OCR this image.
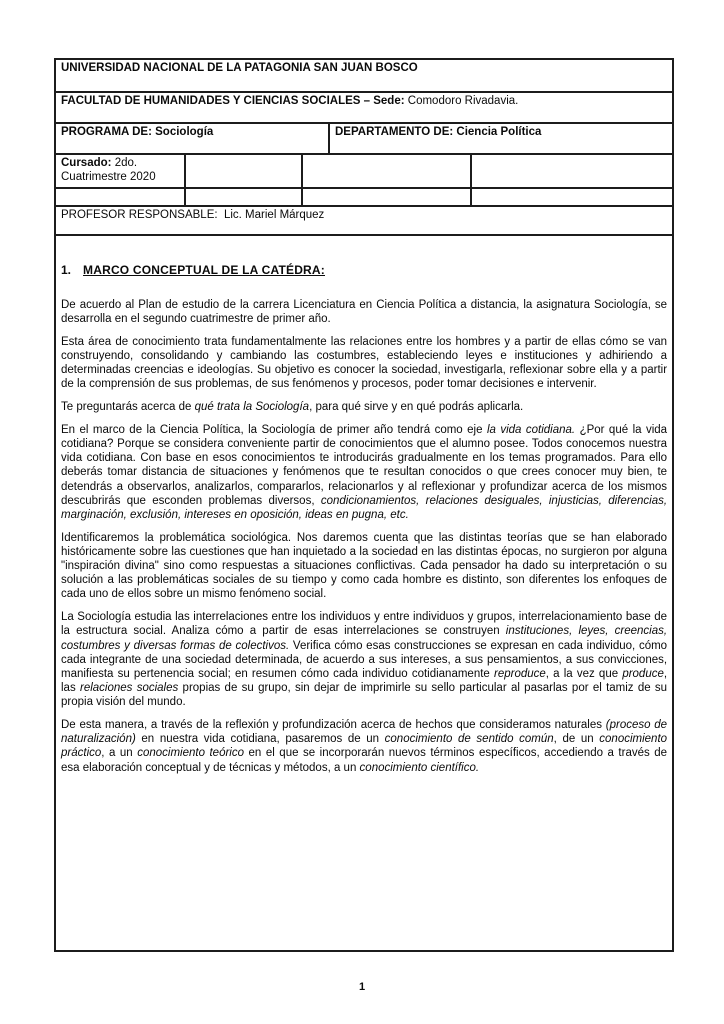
UNIVERSIDAD NACIONAL DE LA PATAGONIA SAN JUAN BOSCO				
FACULTAD DE HUMANIDADES Y CIENCIAS SOCIALES – Sede: Comodoro Rivadavia.				
PROGRAMA DE: Sociología			DEPARTAMENTO DE: Ciencia Política	
Cursado: 2do. Cuatrimestre 2020				

PROFESOR RESPONSABLE: Lic. Mariel Márquez				

1. MARCO CONCEPTUAL DE LA CATÉDRA:

De acuerdo al Plan de estudio de la carrera Licenciatura en Ciencia Política a distancia, la asignatura Sociología, se desarrolla en el segundo cuatrimestre de primer año.

Esta área de conocimiento trata fundamentalmente las relaciones entre los hombres y a partir de ellas cómo se van construyendo, consolidando y cambiando las costumbres, estableciendo leyes e instituciones y adhiriendo a determinadas creencias e ideologías. Su objetivo es conocer la sociedad, investigarla, reflexionar sobre ella y a partir de la comprensión de sus problemas, de sus fenómenos y procesos, poder tomar decisiones e intervenir.

Te preguntarás acerca de qué trata la Sociología, para qué sirve y en qué podrás aplicarla.

En el marco de la Ciencia Política, la Sociología de primer año tendrá como eje la vida cotidiana. ¿Por qué la vida cotidiana? Porque se considera conveniente partir de conocimientos que el alumno posee. Todos conocemos nuestra vida cotidiana. Con base en esos conocimientos te introducirás gradualmente en los temas programados. Para ello deberás tomar distancia de situaciones y fenómenos que te resultan conocidos o que crees conocer muy bien, te detendrás a observarlos, analizarlos, compararlos, relacionarlos y al reflexionar y profundizar acerca de los mismos descubrirás que esconden problemas diversos, condicionamientos, relaciones desiguales, injusticias, diferencias, marginación, exclusión, intereses en oposición, ideas en pugna, etc.

Identificaremos la problemática sociológica. Nos daremos cuenta que las distintas teorías que se han elaborado históricamente sobre las cuestiones que han inquietado a la sociedad en las distintas épocas, no surgieron por alguna "inspiración divina" sino como respuestas a situaciones conflictivas. Cada pensador ha dado su interpretación o su solución a las problemáticas sociales de su tiempo y como cada hombre es distinto, son diferentes los enfoques de cada uno de ellos sobre un mismo fenómeno social.

La Sociología estudia las interrelaciones entre los individuos y entre individuos y grupos, interrelacionamiento base de la estructura social. Analiza cómo a partir de esas interrelaciones se construyen instituciones, leyes, creencias, costumbres y diversas formas de colectivos. Verifica cómo esas construcciones se expresan en cada individuo, cómo cada integrante de una sociedad determinada, de acuerdo a sus intereses, a sus pensamientos, a sus convicciones, manifiesta su pertenencia social; en resumen cómo cada individuo cotidianamente reproduce, a la vez que produce, las relaciones sociales propias de su grupo, sin dejar de imprimirle su sello particular al pasarlas por el tamiz de su propia visión del mundo.

De esta manera, a través de la reflexión y profundización acerca de hechos que consideramos naturales (proceso de naturalización) en nuestra vida cotidiana, pasaremos de un conocimiento de sentido común, de un conocimiento práctico, a un conocimiento teórico en el que se incorporarán nuevos términos específicos, accediendo a través de esa elaboración conceptual y de técnicas y métodos, a un conocimiento científico.

1
